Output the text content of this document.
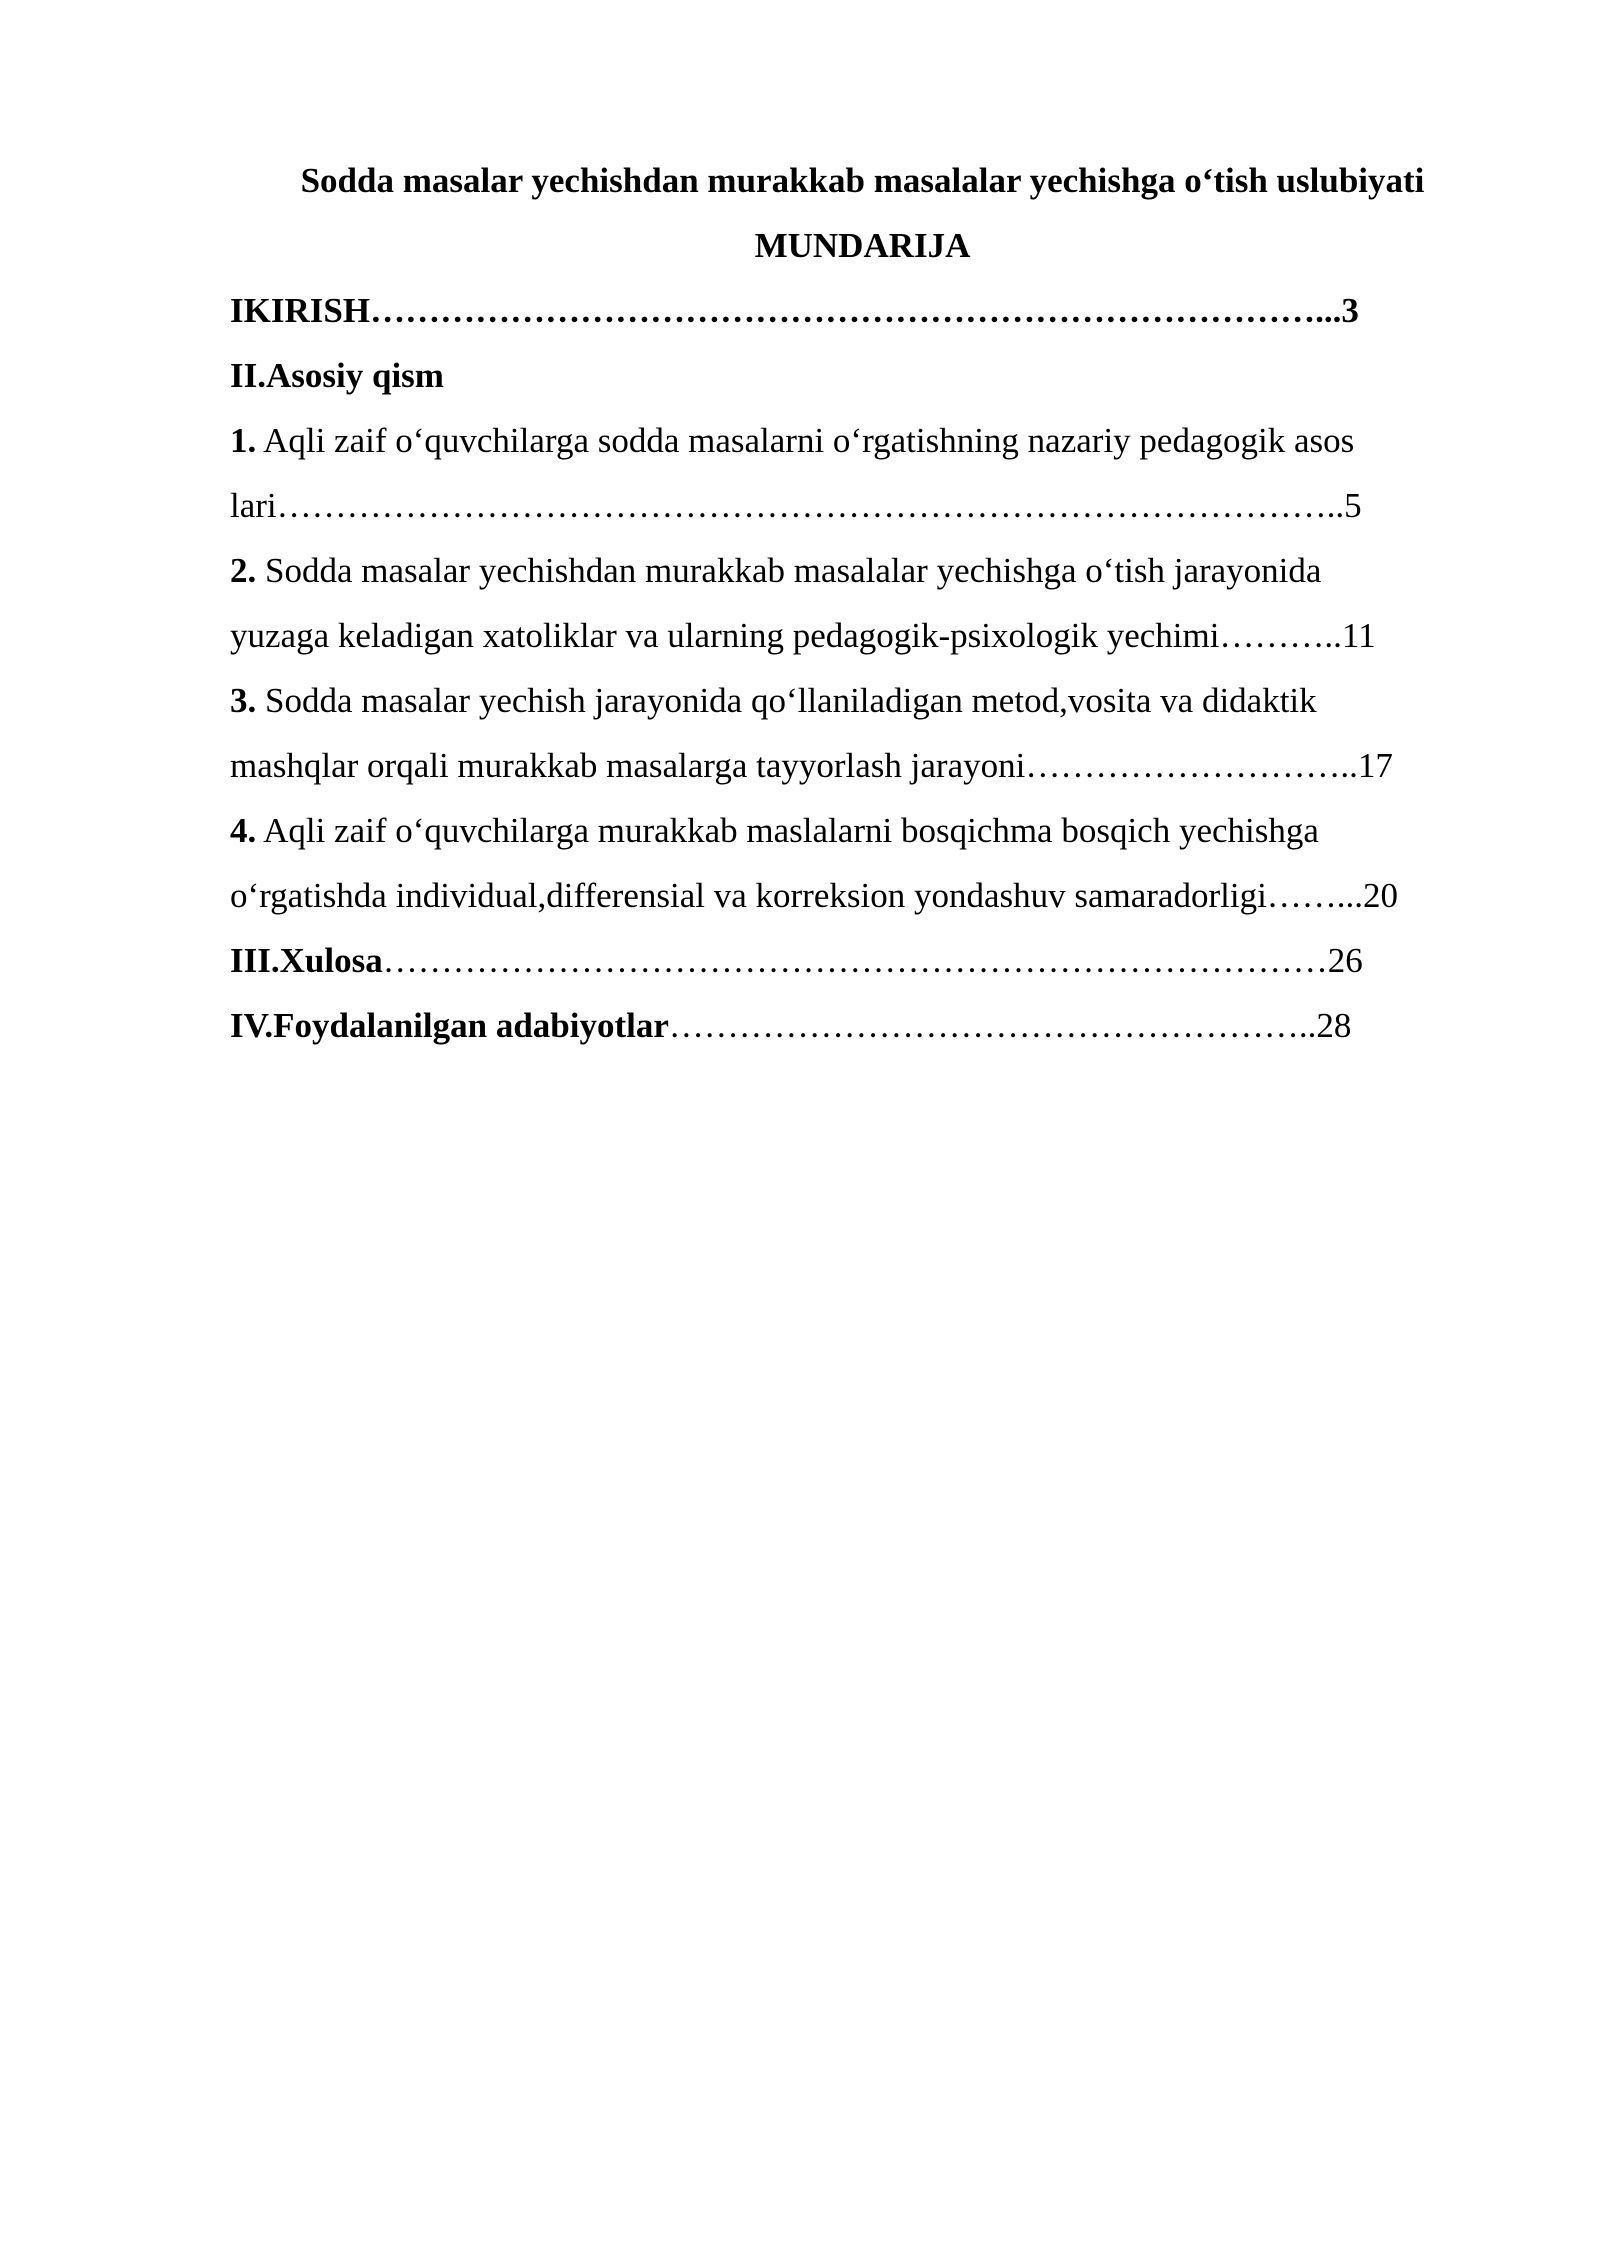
Sodda masalar yechishdan murakkab masalalar yechishga o‘tish uslubiyati
MUNDARIJA
IKIRISH………………………………………………………………………...3
II.Asosiy qism
1. Aqli zaif o‘quvchilarga sodda masalarni o‘rgatishning nazariy pedagogik asos
lari………………………………………………………………………………..5
2. Sodda masalar yechishdan murakkab masalalar yechishga o‘tish jarayonida
yuzaga keladigan xatoliklar va ularning pedagogik-psixologik yechimi………..11
3. Sodda masalar yechish jarayonida qo‘llaniladigan metod,vosita va didaktik
mashqlar orqali murakkab masalarga tayyorlash jarayoni………………………..17
4. Aqli zaif o‘quvchilarga murakkab maslalarni bosqichma bosqich yechishga
o‘rgatishda individual,differensial va korreksion yondashuv samaradorligi……...20
III.Xulosa………………………………………………………………………26
IV.Foydalanilgan adabiyotlar………………………………………………..28
